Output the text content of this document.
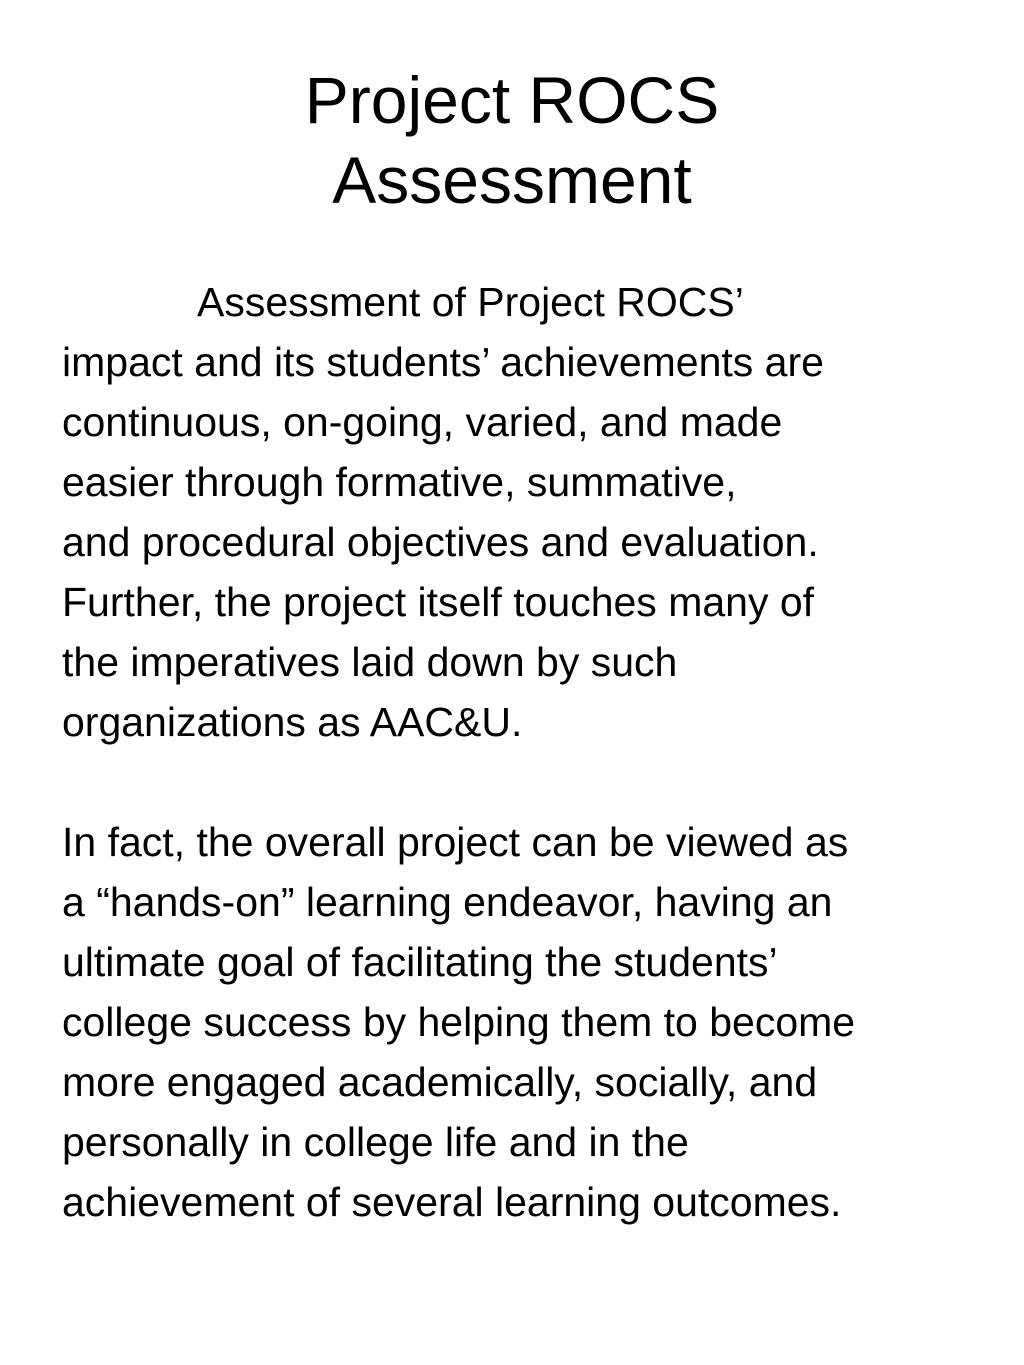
Project ROCS
Assessment
Assessment of Project ROCS’
impact and its students’ achievements are
continuous, on-going, varied, and made
easier through formative, summative,
and procedural objectives and evaluation.
Further, the project itself touches many of
the imperatives laid down by such
organizations as AAC&U.
In fact, the overall project can be viewed as
a “hands-on” learning endeavor, having an
ultimate goal of facilitating the students’
college success by helping them to become
more engaged academically, socially, and
personally in college life and in the
achievement of several learning outcomes.
